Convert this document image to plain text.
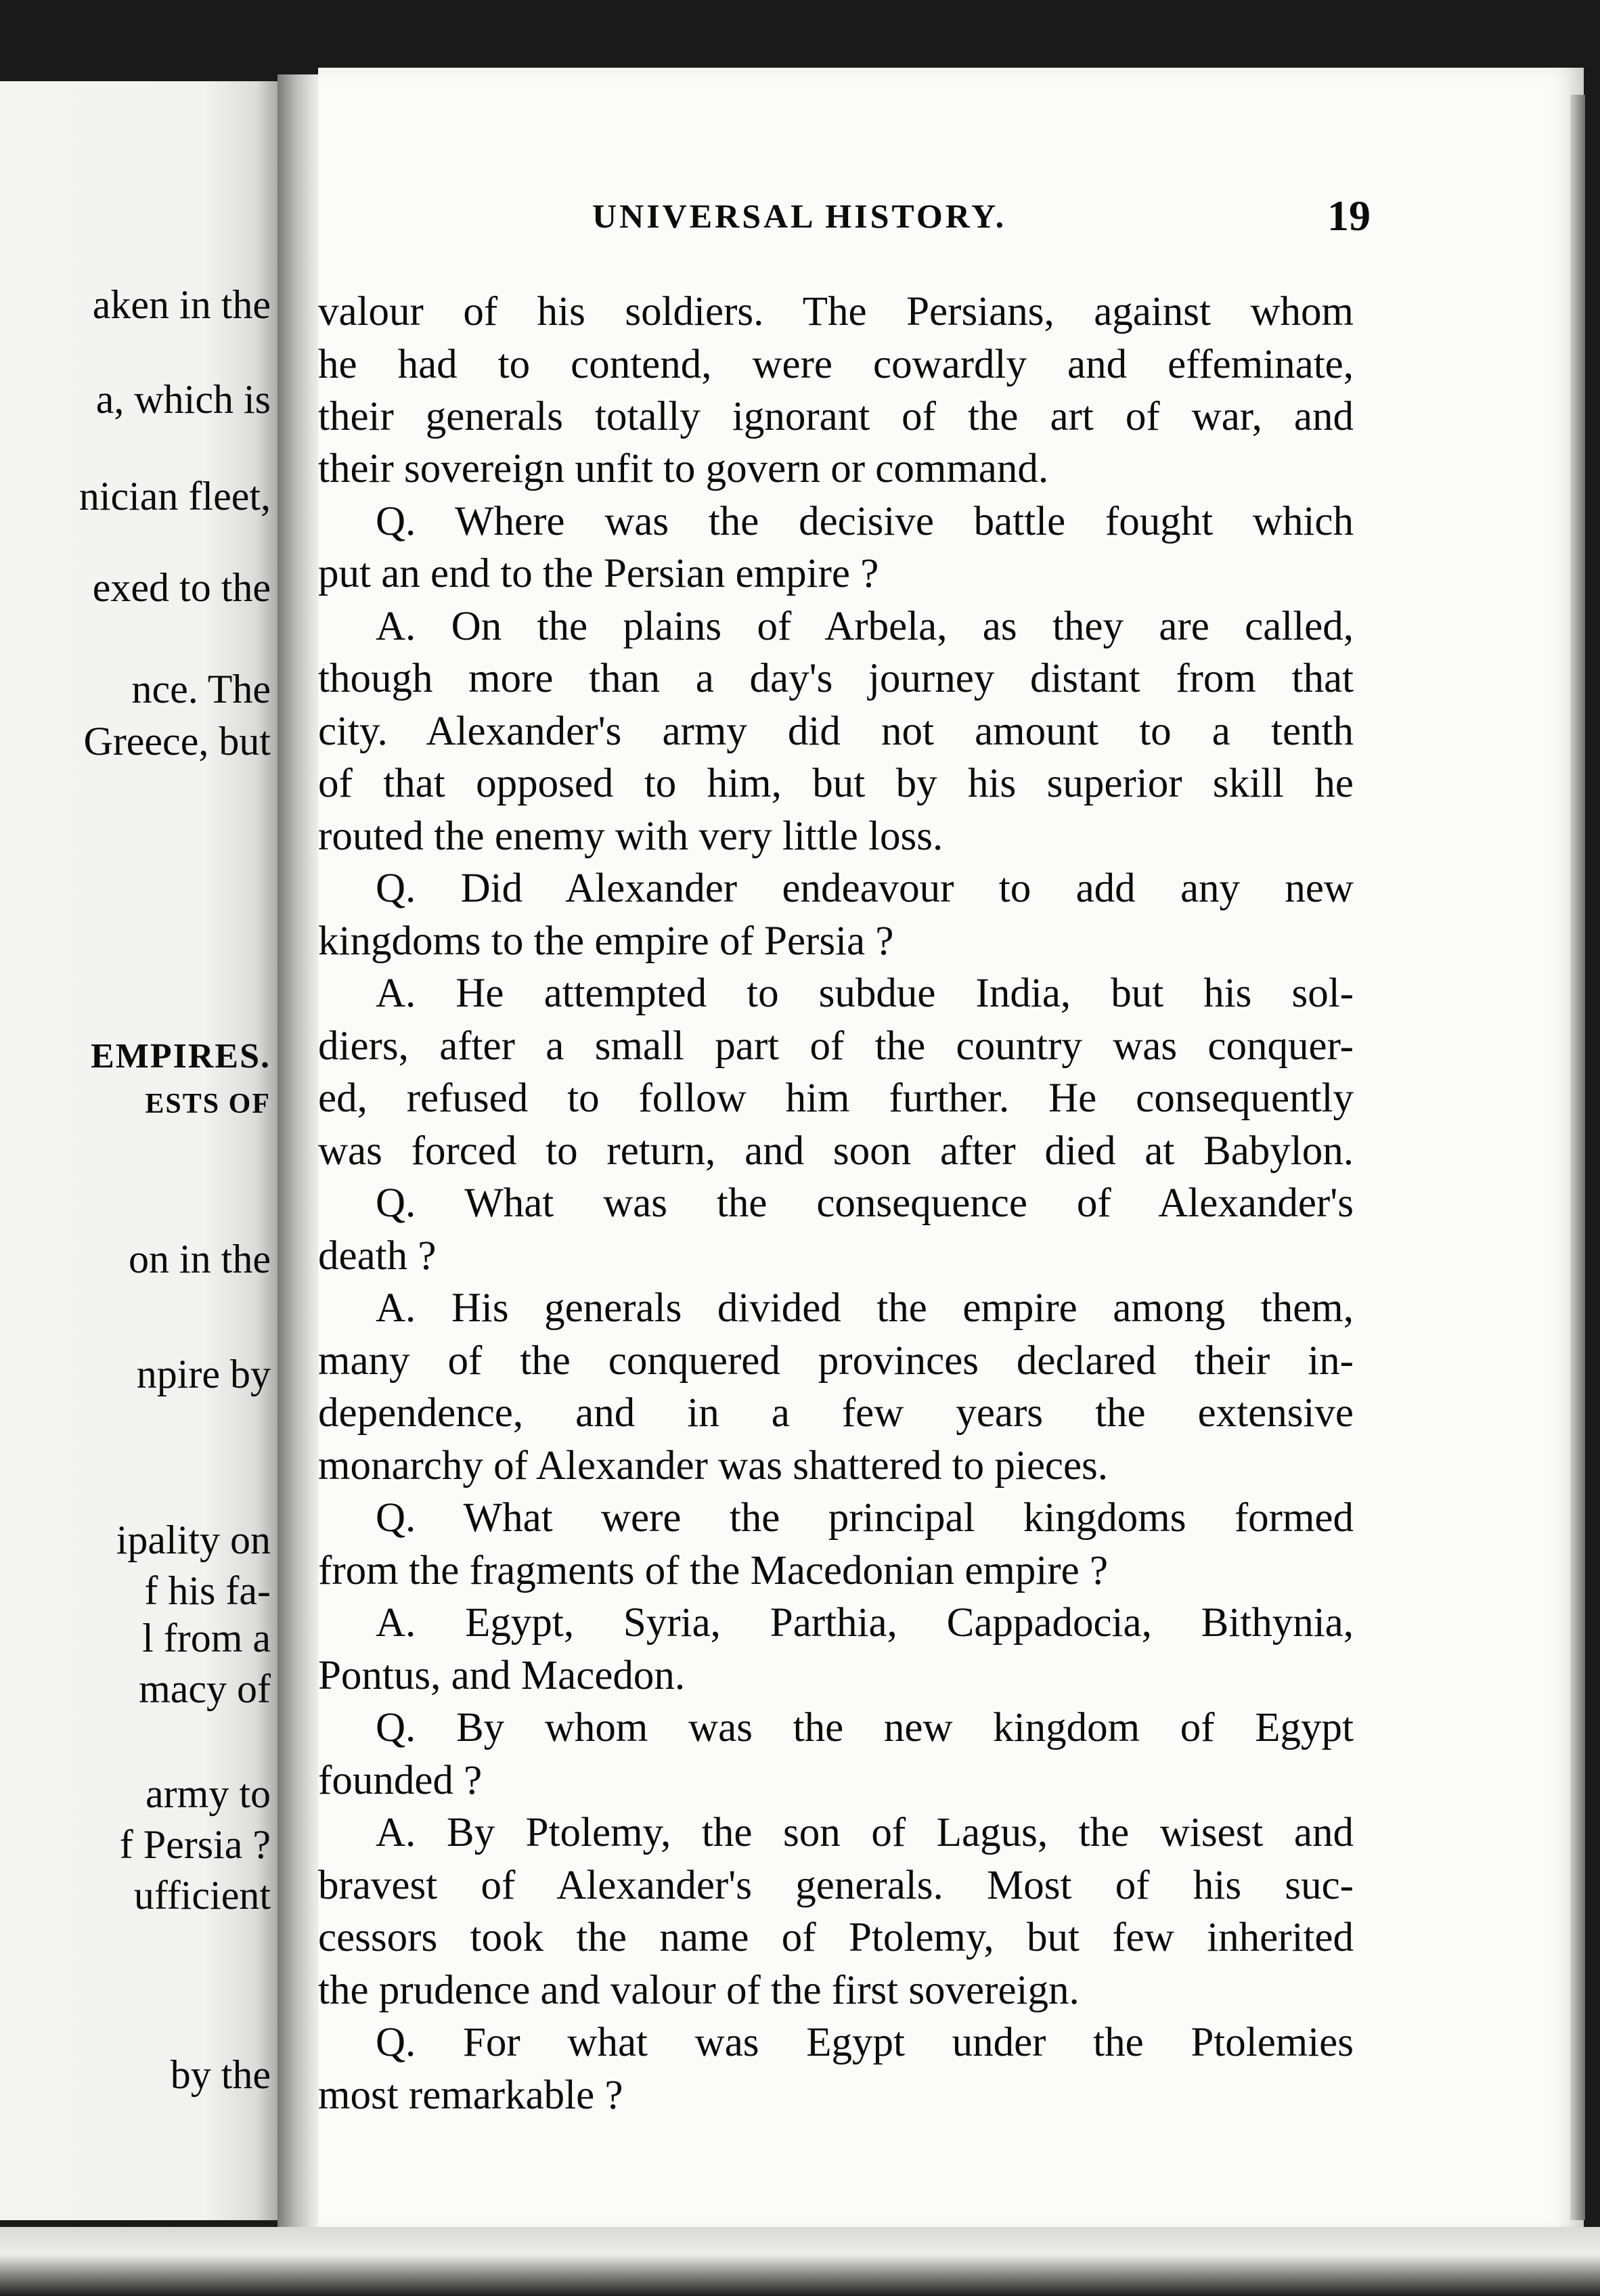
aken in the
a, which is
nician fleet,
exed to the
nce. The
Greece, but
EMPIRES.
ESTS OF
on in the
npire by
ipality on
f his fa-
l from a
macy of
army to
f Persia ?
ufficient
by the
UNIVERSAL HISTORY.	19
valour of his soldiers. The Persians, against whom
he had to contend, were cowardly and effeminate,
their generals totally ignorant of the art of war, and
their sovereign unfit to govern or command.
Q. Where was the decisive battle fought which
put an end to the Persian empire ?
A. On the plains of Arbela, as they are called,
though more than a day's journey distant from that
city. Alexander's army did not amount to a tenth
of that opposed to him, but by his superior skill he
routed the enemy with very little loss.
Q. Did Alexander endeavour to add any new
kingdoms to the empire of Persia ?
A. He attempted to subdue India, but his sol-
diers, after a small part of the country was conquer-
ed, refused to follow him further. He consequently
was forced to return, and soon after died at Babylon.
Q. What was the consequence of Alexander's
death ?
A. His generals divided the empire among them,
many of the conquered provinces declared their in-
dependence, and in a few years the extensive
monarchy of Alexander was shattered to pieces.
Q. What were the principal kingdoms formed
from the fragments of the Macedonian empire ?
A. Egypt, Syria, Parthia, Cappadocia, Bithynia,
Pontus, and Macedon.
Q. By whom was the new kingdom of Egypt
founded ?
A. By Ptolemy, the son of Lagus, the wisest and
bravest of Alexander's generals. Most of his suc-
cessors took the name of Ptolemy, but few inherited
the prudence and valour of the first sovereign.
Q. For what was Egypt under the Ptolemies
most remarkable ?
